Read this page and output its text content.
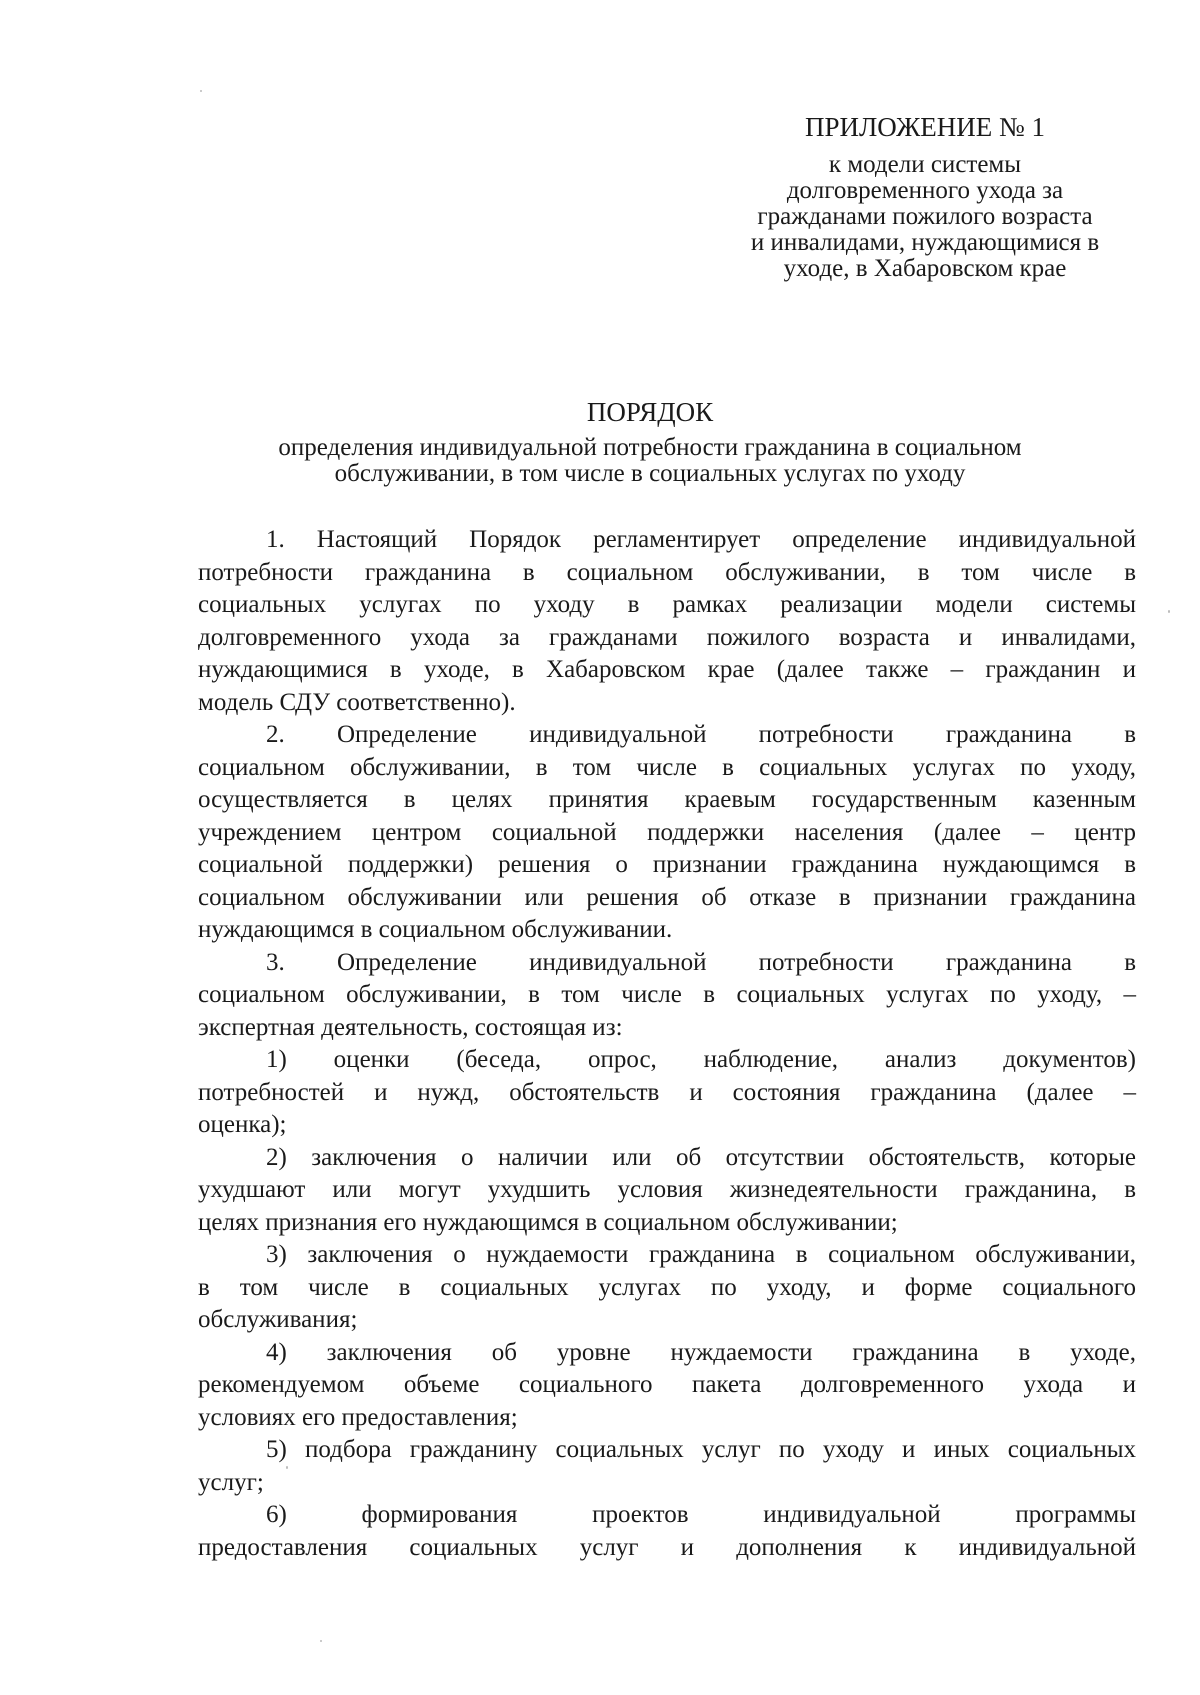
ПРИЛОЖЕНИЕ № 1

к модели системы

долговременного ухода за

гражданами пожилого возраста

и инвалидами, нуждающимися в

уходе, в Хабаровском крае

ПОРЯДОК

определения индивидуальной потребности гражданина в социальном

обслуживании, в том числе в социальных услугах по уходу

1. Настоящий Порядок регламентирует определение индивидуальной
потребности гражданина в социальном обслуживании, в том числе в
социальных услугах по уходу в рамках реализации модели системы
долговременного ухода за гражданами пожилого возраста и инвалидами,
нуждающимися в уходе, в Хабаровском крае (далее также – гражданин и
модель СДУ соответственно).
2. Определение индивидуальной потребности гражданина в
социальном обслуживании, в том числе в социальных услугах по уходу,
осуществляется в целях принятия краевым государственным казенным
учреждением центром социальной поддержки населения (далее – центр
социальной поддержки) решения о признании гражданина нуждающимся в
социальном обслуживании или решения об отказе в признании гражданина
нуждающимся в социальном обслуживании.
3. Определение индивидуальной потребности гражданина в
социальном обслуживании, в том числе в социальных услугах по уходу, –
экспертная деятельность, состоящая из:
1) оценки (беседа, опрос, наблюдение, анализ документов)
потребностей и нужд, обстоятельств и состояния гражданина (далее –
оценка);
2) заключения о наличии или об отсутствии обстоятельств, которые
ухудшают или могут ухудшить условия жизнедеятельности гражданина, в
целях признания его нуждающимся в социальном обслуживании;
3) заключения о нуждаемости гражданина в социальном обслуживании,
в том числе в социальных услугах по уходу, и форме социального
обслуживания;
4) заключения об уровне нуждаемости гражданина в уходе,
рекомендуемом объеме социального пакета долговременного ухода и
условиях его предоставления;
5) подбора гражданину социальных услуг по уходу и иных социальных
услуг;
6) формирования проектов индивидуальной программы
предоставления социальных услуг и дополнения к индивидуальной
